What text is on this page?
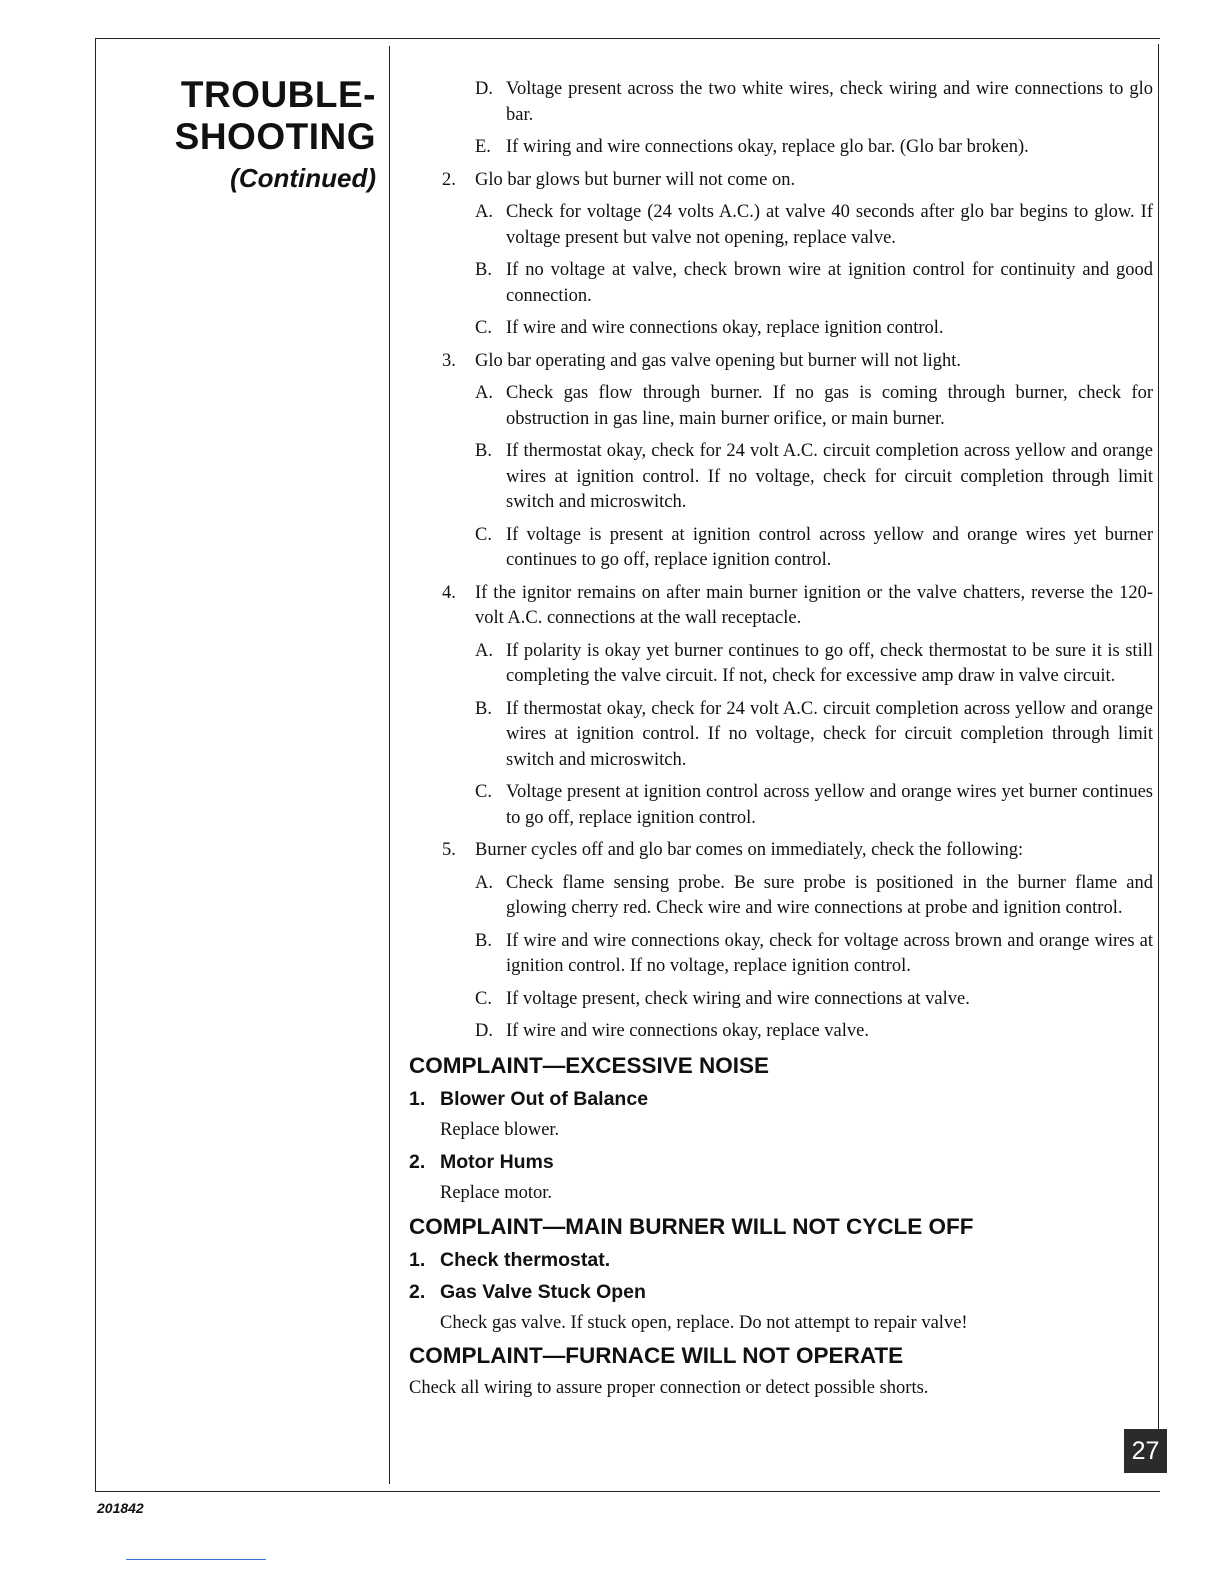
TROUBLE-
SHOOTING
(Continued)
D. Voltage present across the two white wires, check wiring and wire connections to glo bar.
E. If wiring and wire connections okay, replace glo bar. (Glo bar broken).
2.	Glo bar glows but burner will not come on.
A. Check for voltage (24 volts A.C.) at valve 40 seconds after glo bar begins to glow. If voltage present but valve not opening, replace valve.
B. If no voltage at valve, check brown wire at ignition control for continuity and good connection.
C. If wire and wire connections okay, replace ignition control.
3.	Glo bar operating and gas valve opening but burner will not light.
A. Check gas flow through burner. If no gas is coming through burner, check for obstruction in gas line, main burner orifice, or main burner.
B. If thermostat okay, check for 24 volt A.C. circuit completion across yellow and orange wires at ignition control. If no voltage, check for circuit completion through limit switch and microswitch.
C. If voltage is present at ignition control across yellow and orange wires yet burner continues to go off, replace ignition control.
4.	If the ignitor remains on after main burner ignition or the valve chatters, reverse the 120-volt A.C. connections at the wall receptacle.
A. If polarity is okay yet burner continues to go off, check thermostat to be sure it is still completing the valve circuit. If not, check for excessive amp draw in valve circuit.
B. If thermostat okay, check for 24 volt A.C. circuit completion across yellow and orange wires at ignition control. If no voltage, check for circuit completion through limit switch and microswitch.
C. Voltage present at ignition control across yellow and orange wires yet burner continues to go off, replace ignition control.
5.	Burner cycles off and glo bar comes on immediately, check the following:
A. Check flame sensing probe. Be sure probe is positioned in the burner flame and glowing cherry red. Check wire and wire connections at probe and ignition control.
B. If wire and wire connections okay, check for voltage across brown and orange wires at ignition control. If no voltage, replace ignition control.
C. If voltage present, check wiring and wire connections at valve.
D. If wire and wire connections okay, replace valve.
COMPLAINT—EXCESSIVE NOISE
1. Blower Out of Balance
Replace blower.
2. Motor Hums
Replace motor.
COMPLAINT—MAIN BURNER WILL NOT CYCLE OFF
1. Check thermostat.
2. Gas Valve Stuck Open
Check gas valve. If stuck open, replace. Do not attempt to repair valve!
COMPLAINT—FURNACE WILL NOT OPERATE
Check all wiring to assure proper connection or detect possible shorts.
27
201842
